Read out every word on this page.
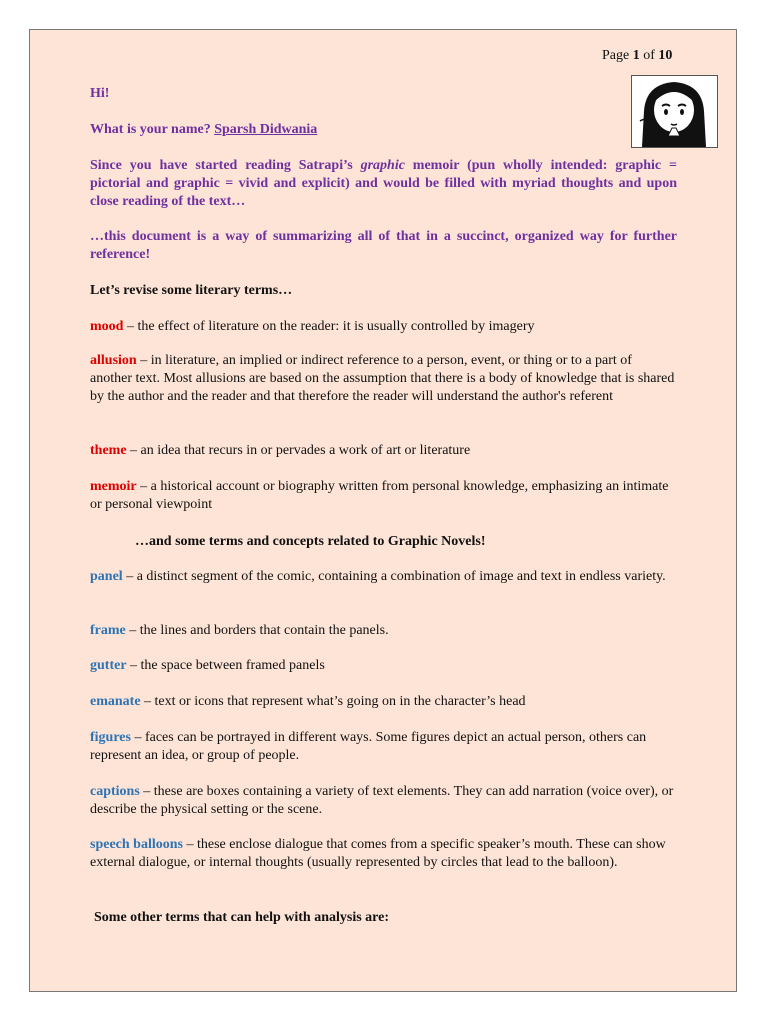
Page 1 of 10
Hi!
What is your name? Sparsh Didwania
Since you have started reading Satrapi’s graphic memoir (pun wholly intended: graphic = pictorial and graphic = vivid and explicit) and would be filled with myriad thoughts and upon close reading of the text…
…this document is a way of summarizing all of that in a succinct, organized way for further reference!
Let’s revise some literary terms…
mood – the effect of literature on the reader: it is usually controlled by imagery
allusion – in literature, an implied or indirect reference to a person, event, or thing or to a part of another text. Most allusions are based on the assumption that there is a body of knowledge that is shared by the author and the reader and that therefore the reader will understand the author's referent
theme – an idea that recurs in or pervades a work of art or literature
memoir – a historical account or biography written from personal knowledge, emphasizing an intimate or personal viewpoint
…and some terms and concepts related to Graphic Novels!
panel – a distinct segment of the comic, containing a combination of image and text in endless variety.
frame – the lines and borders that contain the panels.
gutter – the space between framed panels
emanate – text or icons that represent what’s going on in the character’s head
figures – faces can be portrayed in different ways. Some figures depict an actual person, others can represent an idea, or group of people.
captions – these are boxes containing a variety of text elements. They can add narration (voice over), or describe the physical setting or the scene.
speech balloons – these enclose dialogue that comes from a specific speaker’s mouth. These can show external dialogue, or internal thoughts (usually represented by circles that lead to the balloon).
Some other terms that can help with analysis are:
